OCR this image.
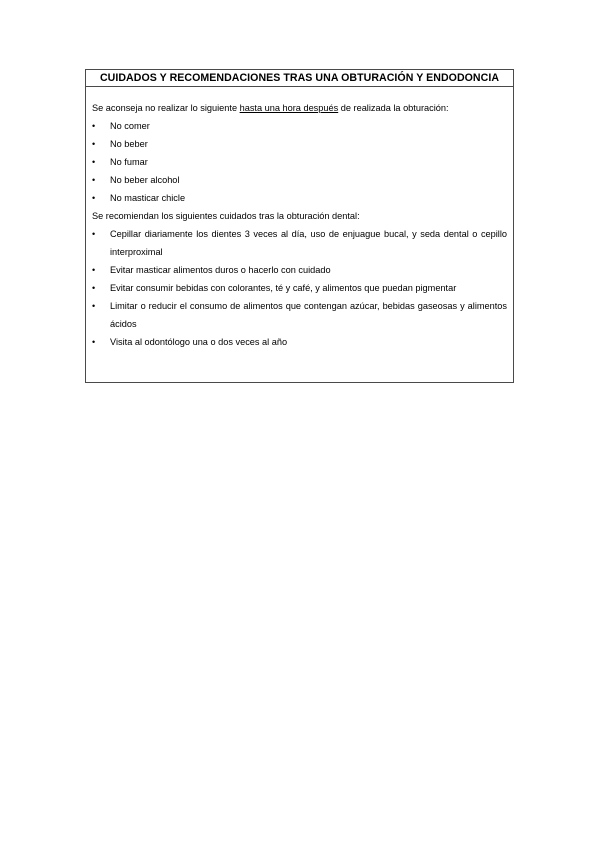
CUIDADOS Y RECOMENDACIONES TRAS UNA OBTURACIÓN Y ENDODONCIA

Se aconseja no realizar lo siguiente hasta una hora después de realizada la obturación:

• No comer
• No beber
• No fumar
• No beber alcohol
• No masticar chicle

Se recomiendan los siguientes cuidados tras la obturación dental:

• Cepillar diariamente los dientes 3 veces al día, uso de enjuague bucal, y seda dental o cepillo interproximal
• Evitar masticar alimentos duros o hacerlo con cuidado
• Evitar consumir bebidas con colorantes, té y café, y alimentos que puedan pigmentar
• Limitar o reducir el consumo de alimentos que contengan azúcar, bebidas gaseosas y alimentos ácidos
• Visita al odontólogo una o dos veces al año
